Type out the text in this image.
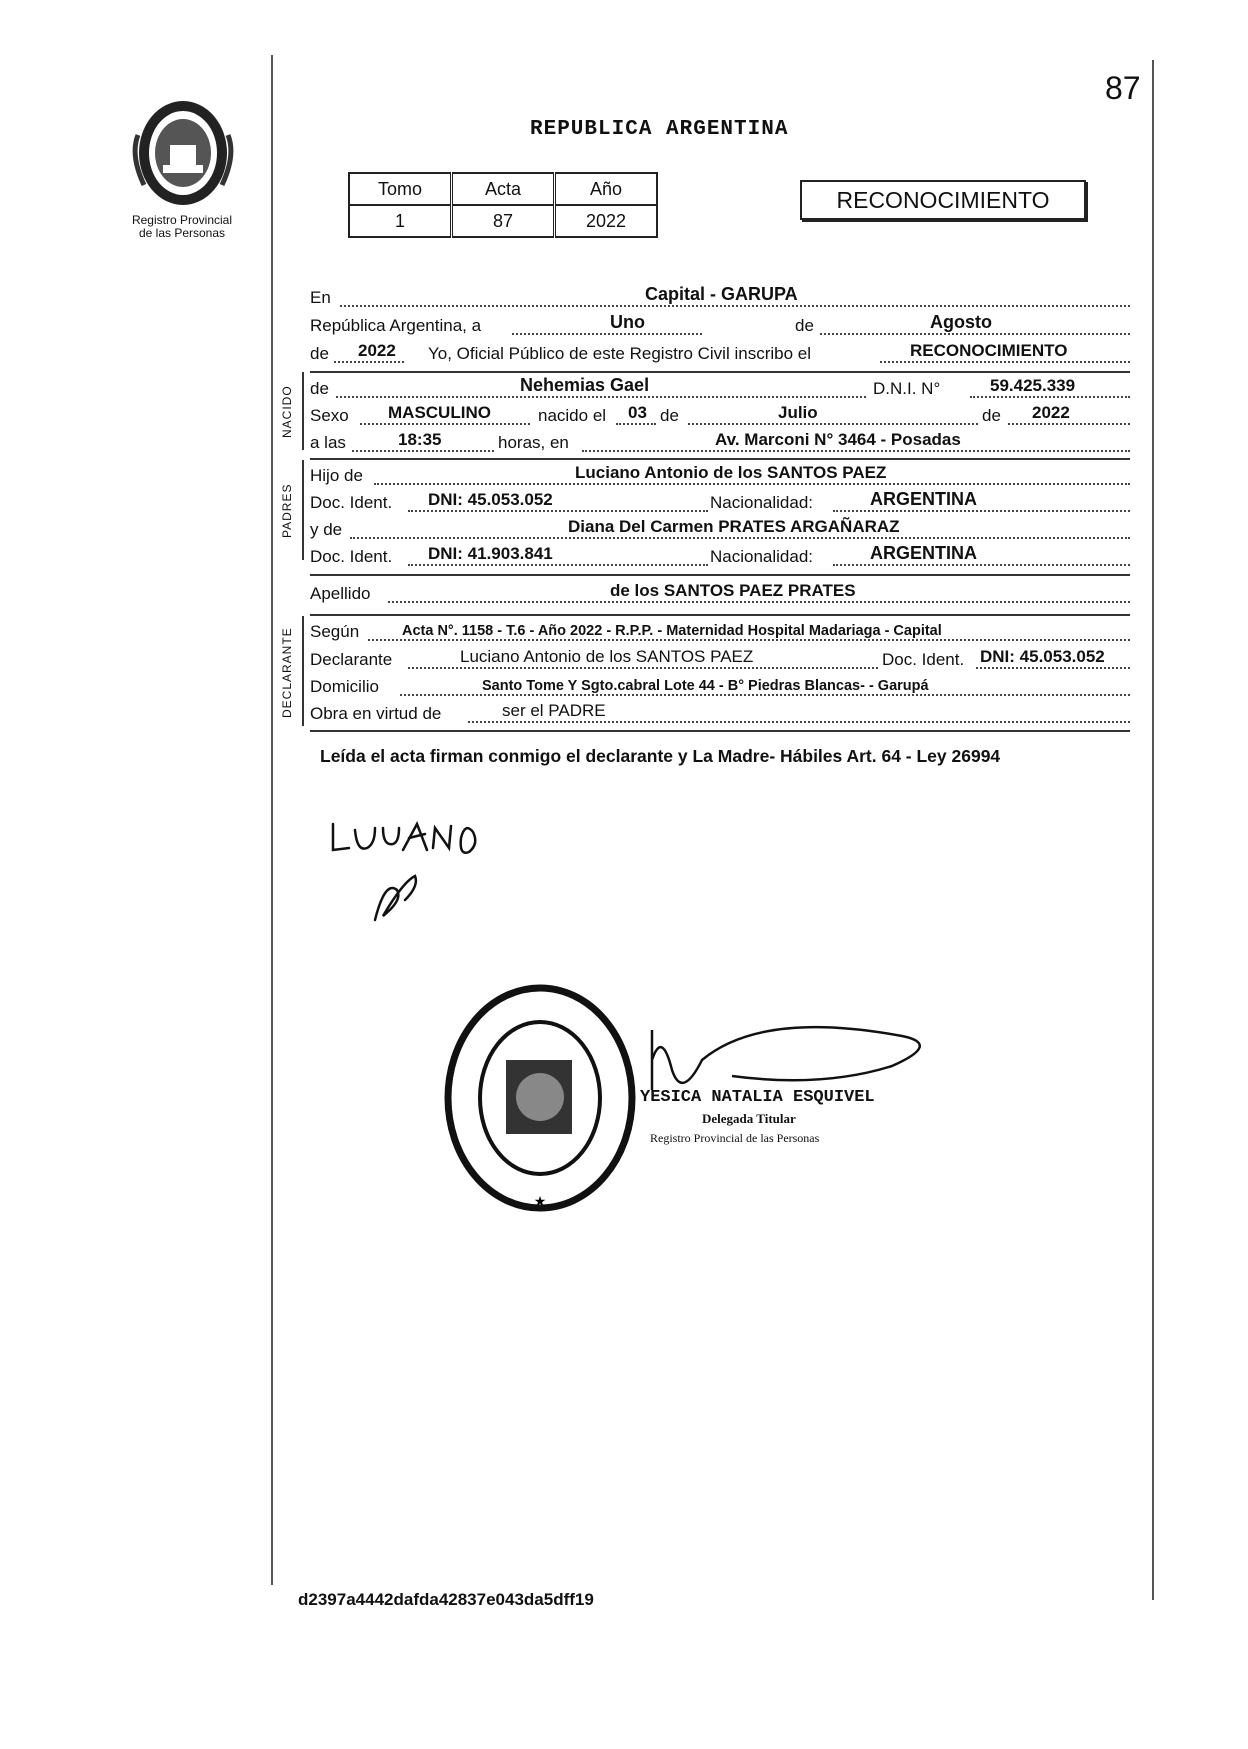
Registro Provincial
de las Personas
87
REPUBLICA ARGENTINA
Tomo	Acta	Año
1	87	2022
RECONOCIMIENTO
En	Capital - GARUPA
República Argentina, a	Uno	de	Agosto
de 2022 Yo, Oficial Público de este Registro Civil inscribo el	RECONOCIMIENTO
NACIDO de	Nehemias Gael	D.N.I. N°	59.425.339
Sexo MASCULINO	nacido el 03 de	Julio	de 2022
a las	18:35	horas, en	Av. Marconi N° 3464 - Posadas
PADRES
Hijo de	Luciano Antonio de los SANTOS PAEZ
Doc. Ident. DNI: 45.053.052	Nacionalidad:	ARGENTINA
y de	Diana Del Carmen PRATES ARGAÑARAZ
Doc. Ident. DNI: 41.903.841	Nacionalidad:	ARGENTINA
Apellido	de los SANTOS PAEZ PRATES
DECLARANTE Según	Acta N°. 1158 - T.6 - Año 2022 - R.P.P. - Maternidad Hospital Madariaga - Capital
Declarante	Luciano Antonio de los SANTOS PAEZ	Doc. Ident. DNI: 45.053.052
Domicilio	Santo Tome Y Sgto.cabral Lote 44 - B° Piedras Blancas- - Garupá
Obra en virtud de	ser el PADRE
Leída el acta firman conmigo el declarante y La Madre- Hábiles Art. 64 - Ley 26994
★
YESICA NATALIA ESQUIVEL
Delegada Titular
Registro Provincial de las Personas
d2397a4442dafda42837e043da5dff19
